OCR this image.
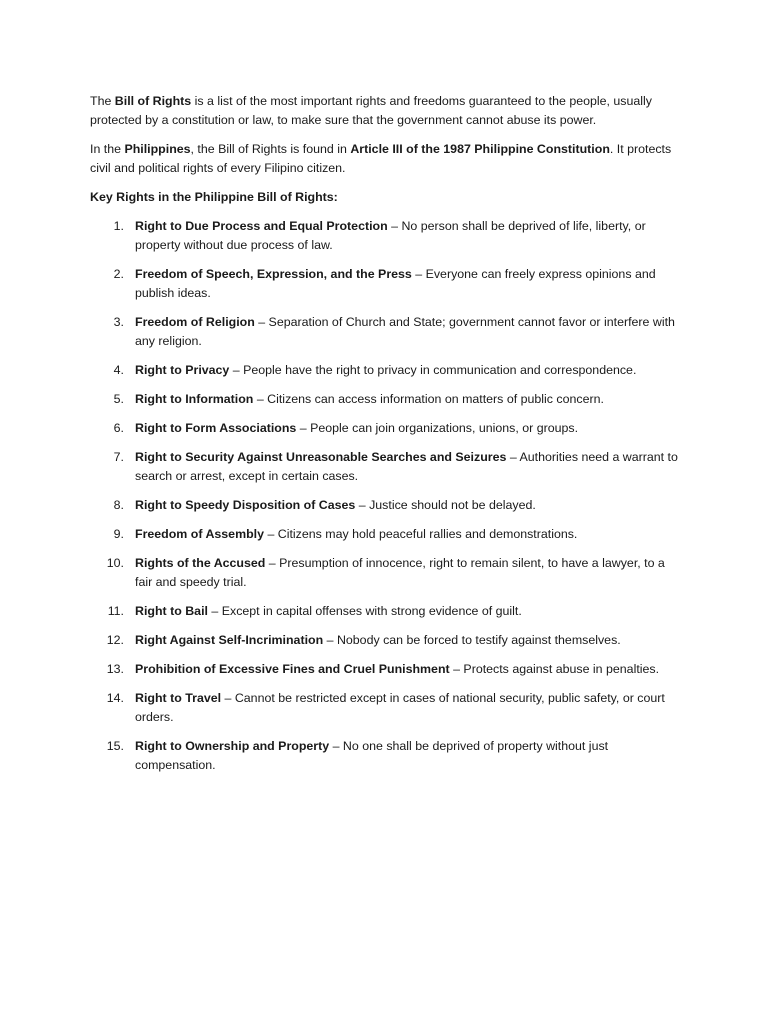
The Bill of Rights is a list of the most important rights and freedoms guaranteed to the people, usually protected by a constitution or law, to make sure that the government cannot abuse its power.

In the Philippines, the Bill of Rights is found in Article III of the 1987 Philippine Constitution. It protects civil and political rights of every Filipino citizen.

Key Rights in the Philippine Bill of Rights:
1. Right to Due Process and Equal Protection – No person shall be deprived of life, liberty, or property without due process of law.
2. Freedom of Speech, Expression, and the Press – Everyone can freely express opinions and publish ideas.
3. Freedom of Religion – Separation of Church and State; government cannot favor or interfere with any religion.
4. Right to Privacy – People have the right to privacy in communication and correspondence.
5. Right to Information – Citizens can access information on matters of public concern.
6. Right to Form Associations – People can join organizations, unions, or groups.
7. Right to Security Against Unreasonable Searches and Seizures – Authorities need a warrant to search or arrest, except in certain cases.
8. Right to Speedy Disposition of Cases – Justice should not be delayed.
9. Freedom of Assembly – Citizens may hold peaceful rallies and demonstrations.
10. Rights of the Accused – Presumption of innocence, right to remain silent, to have a lawyer, to a fair and speedy trial.
11. Right to Bail – Except in capital offenses with strong evidence of guilt.
12. Right Against Self-Incrimination – Nobody can be forced to testify against themselves.
13. Prohibition of Excessive Fines and Cruel Punishment – Protects against abuse in penalties.
14. Right to Travel – Cannot be restricted except in cases of national security, public safety, or court orders.
15. Right to Ownership and Property – No one shall be deprived of property without just compensation.
